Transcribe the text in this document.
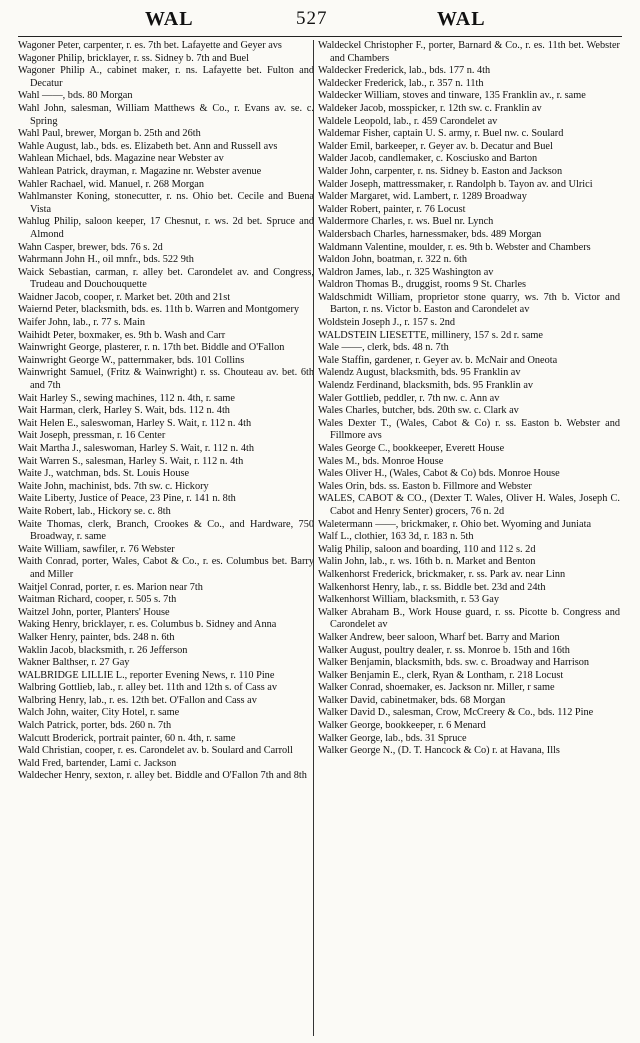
WAL	527	WAL

Wagoner Peter, carpenter, r. es. 7th bet. Lafayette and Geyer avs

Wagoner Philip, bricklayer, r. ss. Sidney b. 7th and Buel

Wagoner Philip A., cabinet maker, r. ns. Lafayette bet. Fulton and Decatur

Wahl ——, bds. 80 Morgan

Wahl John, salesman, William Matthews & Co., r. Evans av. se. c. Spring

Wahl Paul, brewer, Morgan b. 25th and 26th

Wahle August, lab., bds. es. Elizabeth bet. Ann and Russell avs

Wahlean Michael, bds. Magazine near Webster av

Wahlean Patrick, drayman, r. Magazine nr. Webster avenue

Wahler Rachael, wid. Manuel, r. 268 Morgan

Wahlmanster Koning, stonecutter, r. ns. Ohio bet. Cecile and Buena Vista

Wahlug Philip, saloon keeper, 17 Chesnut, r. ws. 2d bet. Spruce and Almond

Wahn Casper, brewer, bds. 76 s. 2d

Wahrmann John H., oil mnfr., bds. 522 9th

Waick Sebastian, carman, r. alley bet. Carondelet av. and Congress, Trudeau and Douchouquette

Waidner Jacob, cooper, r. Market bet. 20th and 21st

Waiernd Peter, blacksmith, bds. es. 11th b. Warren and Montgomery

Waifer John, lab., r. 77 s. Main

Waihidt Peter, boxmaker, es. 9th b. Wash and Carr

Wainwright George, plasterer, r. n. 17th bet. Biddle and O'Fallon

Wainwright George W., patternmaker, bds. 101 Collins

Wainwright Samuel, (Fritz & Wainwright) r. ss. Chouteau av. bet. 6th and 7th

Wait Harley S., sewing machines, 112 n. 4th, r. same

Wait Harman, clerk, Harley S. Wait, bds. 112 n. 4th

Wait Helen E., saleswoman, Harley S. Wait, r. 112 n. 4th

Wait Joseph, pressman, r. 16 Center

Wait Martha J., saleswoman, Harley S. Wait, r. 112 n. 4th

Wait Warren S., salesman, Harley S. Wait, r. 112 n. 4th

Waite J., watchman, bds. St. Louis House

Waite John, machinist, bds. 7th sw. c. Hickory

Waite Liberty, Justice of Peace, 23 Pine, r. 141 n. 8th

Waite Robert, lab., Hickory se. c. 8th

Waite Thomas, clerk, Branch, Crookes & Co., and Hardware, 750 Broadway, r. same

Waite William, sawfiler, r. 76 Webster

Waith Conrad, porter, Wales, Cabot & Co., r. es. Columbus bet. Barry and Miller

Waitjel Conrad, porter, r. es. Marion near 7th

Waitman Richard, cooper, r. 505 s. 7th

Waitzel John, porter, Planters' House

Waking Henry, bricklayer, r. es. Columbus b. Sidney and Anna

Walker Henry, painter, bds. 248 n. 6th

Waklin Jacob, blacksmith, r. 26 Jefferson

Wakner Balthser, r. 27 Gay

WALBRIDGE LILLIE L., reporter Evening News, r. 110 Pine

Walbring Gottlieb, lab., r. alley bet. 11th and 12th s. of Cass av

Walbring Henry, lab., r. es. 12th bet. O'Fallon and Cass av

Walch John, waiter, City Hotel, r. same

Walch Patrick, porter, bds. 260 n. 7th

Walcutt Broderick, portrait painter, 60 n. 4th, r. same

Wald Christian, cooper, r. es. Carondelet av. b. Soulard and Carroll

Wald Fred, bartender, Lami c. Jackson

Waldecher Henry, sexton, r. alley bet. Biddle and O'Fallon 7th and 8th

Waldeckel Christopher F., porter, Barnard & Co., r. es. 11th bet. Webster and Chambers

Waldecker Frederick, lab., bds. 177 n. 4th

Waldecker Frederick, lab., r. 357 n. 11th

Waldecker William, stoves and tinware, 135 Franklin av., r. same

Waldeker Jacob, mosspicker, r. 12th sw. c. Franklin av

Waldele Leopold, lab., r. 459 Carondelet av

Waldemar Fisher, captain U. S. army, r. Buel nw. c. Soulard

Walder Emil, barkeeper, r. Geyer av. b. Decatur and Buel

Walder Jacob, candlemaker, c. Kosciusko and Barton

Walder John, carpenter, r. ns. Sidney b. Easton and Jackson

Walder Joseph, mattressmaker, r. Randolph b. Tayon av. and Ulrici

Walder Margaret, wid. Lambert, r. 1289 Broadway

Walder Robert, painter, r. 76 Locust

Waldermore Charles, r. ws. Buel nr. Lynch

Waldersbach Charles, harnessmaker, bds. 489 Morgan

Waldmann Valentine, moulder, r. es. 9th b. Webster and Chambers

Waldon John, boatman, r. 322 n. 6th

Waldron James, lab., r. 325 Washington av

Waldron Thomas B., druggist, rooms 9 St. Charles

Waldschmidt William, proprietor stone quarry, ws. 7th b. Victor and Barton, r. ns. Victor b. Easton and Carondelet av

Woldstein Joseph J., r. 157 s. 2nd

WALDSTEIN LIESETTE, millinery, 157 s. 2d r. same

Wale ——, clerk, bds. 48 n. 7th

Wale Staffin, gardener, r. Geyer av. b. McNair and Oneota

Walendz August, blacksmith, bds. 95 Franklin av

Walendz Ferdinand, blacksmith, bds. 95 Franklin av

Waler Gottlieb, peddler, r. 7th nw. c. Ann av

Wales Charles, butcher, bds. 20th sw. c. Clark av

Wales Dexter T., (Wales, Cabot & Co) r. ss. Easton b. Webster and Fillmore avs

Wales George C., bookkeeper, Everett House

Wales M., bds. Monroe House

Wales Oliver H., (Wales, Cabot & Co) bds. Monroe House

Wales Orin, bds. ss. Easton b. Fillmore and Webster

WALES, CABOT & CO., (Dexter T. Wales, Oliver H. Wales, Joseph C. Cabot and Henry Senter) grocers, 76 n. 2d

Waletermann ——, brickmaker, r. Ohio bet. Wyoming and Juniata

Walf L., clothier, 163 3d, r. 183 n. 5th

Walig Philip, saloon and boarding, 110 and 112 s. 2d

Walin John, lab., r. ws. 16th b. n. Market and Benton

Walkenhorst Frederick, brickmaker, r. ss. Park av. near Linn

Walkenhorst Henry, lab., r. ss. Biddle bet. 23d and 24th

Walkenhorst William, blacksmith, r. 53 Gay

Walker Abraham B., Work House guard, r. ss. Picotte b. Congress and Carondelet av

Walker Andrew, beer saloon, Wharf bet. Barry and Marion

Walker August, poultry dealer, r. ss. Monroe b. 15th and 16th

Walker Benjamin, blacksmith, bds. sw. c. Broadway and Harrison

Walker Benjamin E., clerk, Ryan & Lontham, r. 218 Locust

Walker Conrad, shoemaker, es. Jackson nr. Miller, r same

Walker David, cabinetmaker, bds. 68 Morgan

Walker David D., salesman, Crow, McCreery & Co., bds. 112 Pine

Walker George, bookkeeper, r. 6 Menard

Walker George, lab., bds. 31 Spruce

Walker George N., (D. T. Hancock & Co) r. at Havana, Ills
